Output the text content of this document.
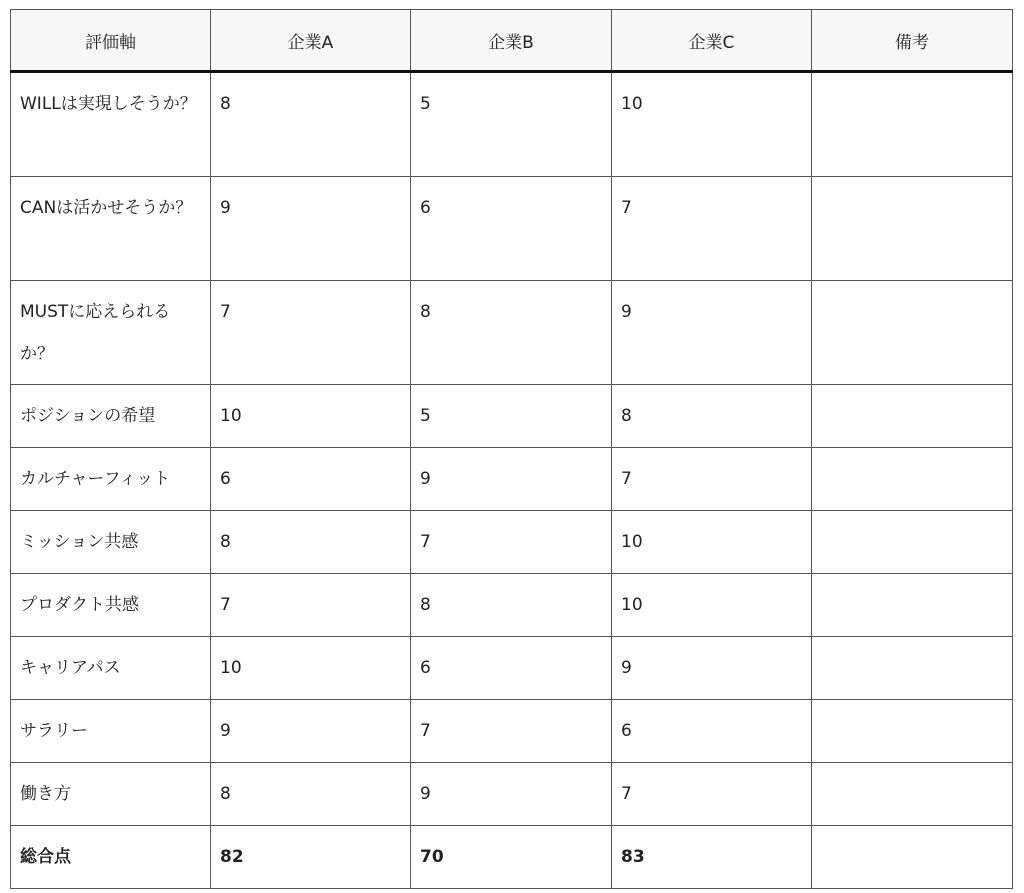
評価軸	企業A	企業B	企業C	備考
WILLは実現しそうか？	8	5	10	
CANは活かせそうか？	9	6	7	
MUSTに応えられるか？	7	8	9	
ポジションの希望	10	5	8	
カルチャーフィット	6	9	7	
ミッション共感	8	7	10	
プロダクト共感	7	8	10	
キャリアパス	10	6	9	
サラリー	9	7	6	
働き方	8	9	7	
総合点	82	70	83	
